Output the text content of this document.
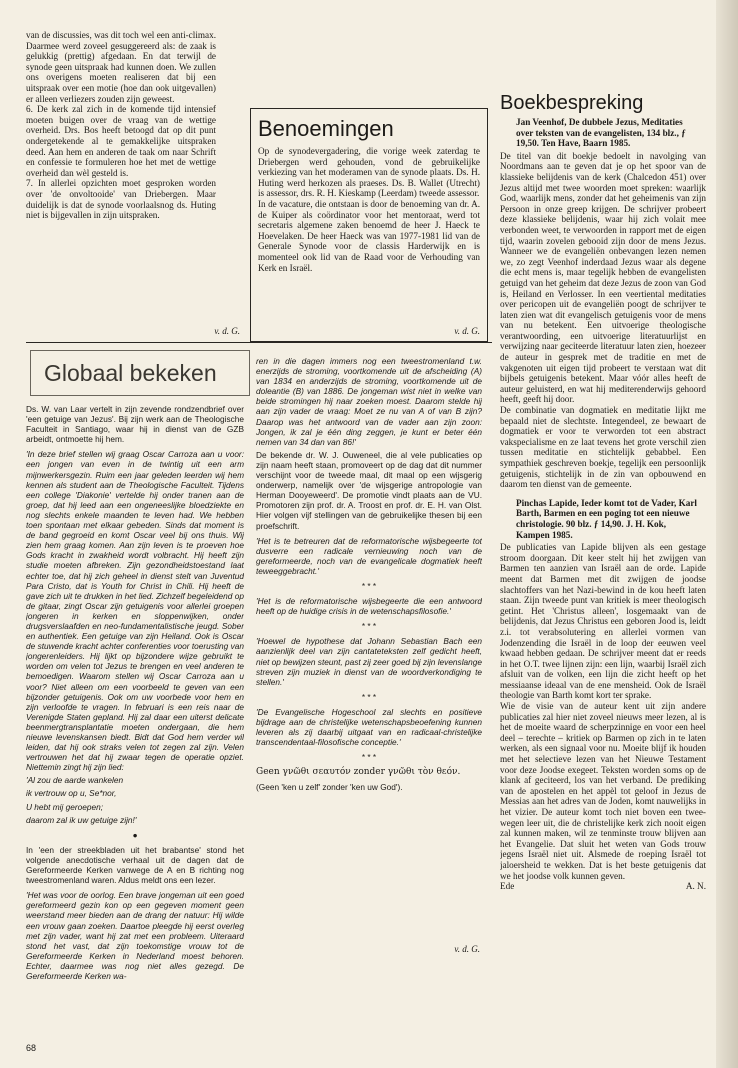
van de discussies, was dit toch wel een anti-climax. Daarmee werd zoveel gesuggereerd als: de zaak is gelukkig (prettig) afgedaan. En dat terwijl de synode geen uitspraak had kunnen doen. We zullen ons overigens moeten realiseren dat bij een uitspraak over een motie (hoe dan ook uitgevallen) er alleen verliezers zouden zijn geweest.

6. De kerk zal zich in de komende tijd intensief moeten buigen over de vraag van de wettige overheid. Drs. Bos heeft betoogd dat op dit punt ondergetekende al te gemakkelijke uitspraken deed. Aan hem en anderen de taak om naar Schrift en confessie te formuleren hoe het met de wettige overheid dan wèl gesteld is.

7. In allerlei opzichten moet gesproken worden over 'de onvoltooide' van Driebergen. Maar duidelijk is dat de synode voorlaalsnog ds. Huting niet is bijgevallen in zijn uitspraken.

v. d. G.
Benoemingen

Op de synodevergadering, die vorige week zaterdag te Driebergen werd gehouden, vond de gebruikelijke verkiezing van het moderamen van de synode plaats. Ds. H. Huting werd herkozen als praeses. Ds. B. Wallet (Utrecht) is assessor, drs. R. H. Kieskamp (Leerdam) tweede assessor.

In de vacature, die ontstaan is door de benoeming van dr. A. de Kuiper als coördinator voor het mentoraat, werd tot secretaris algemene zaken benoemd de heer J. Haeck te Hoevelaken. De heer Haeck was van 1977-1981 lid van de Generale Synode voor de classis Harderwijk en is momenteel ook lid van de Raad voor de Verhouding van Kerk en Israël.

v. d. G.
Globaal bekeken

Ds. W. van Laar vertelt in zijn zevende rondzendbrief over 'een getuige van Jezus'. Bij zijn werk aan de Theologische Faculteit in Santiago, waar hij in dienst van de GZB arbeidt, ontmoette hij hem.

'In deze brief stellen wij graag Oscar Carroza aan u voor: een jongen van even in de twintig uit een arm mijnwerkersgezin. Ruim een jaar geleden leerden wij hem kennen als student aan de Theologische Faculteit. Tijdens een college 'Diakonie' vertelde hij onder tranen aan de groep, dat hij leed aan een ongeneeslijke bloedziekte en nog slechts enkele maanden te leven had. We hebben toen spontaan met elkaar gebeden. Sinds dat moment is de band gegroeid en komt Oscar veel bij ons thuis. Wij zien hem graag komen. Aan zijn leven is te proeven hoe Gods kracht in zwakheid wordt volbracht. Hij heeft zijn studie moeten afbreken. Zijn gezondheidstoestand laat echter toe, dat hij zich geheel in dienst stelt van Juventud Para Cristo, dat is Youth for Christ in Chili. Hij heeft de gave zich uit te drukken in het lied. Zichzelf begeleidend op de gitaar, zingt Oscar zijn getuigenis voor allerlei groepen jongeren in kerken en sloppenwijken, onder drugsverslaafden en neo-fundamentalistische jeugd. Sober en authentiek. Een getuige van zijn Heiland. Ook is Oscar de stuwende kracht achter conferenties voor toerusting van jongerenleiders. Hij lijkt op bijzondere wijze gebruikt te worden om velen tot Jezus te brengen en veel anderen te bemoedigen. Waarom stellen wij Oscar Carroza aan u voor? Niet alleen om een voorbeeld te geven van een bijzonder getuigenis. Ook om uw voorbede voor hem en zijn verloofde te vragen. In februari is een reis naar de Verenigde Staten gepland. Hij zal daar een uiterst delicate beenmergtransplantatie moeten ondergaan, die hem nieuwe levenskansen biedt. Bidt dat God hem verder wil leiden, dat hij ook straks velen tot zegen zal zijn. Velen vertrouwen het dat hij zwaar tegen de operatie opziet. Niettemin zingt hij zijn lied:

'Al zou de aarde wankelen

ik vertrouw op u, Se*nor,

U hebt mij geroepen;

daarom zal ik uw getuige zijn!'

●

In 'een der streekbladen uit het brabantse' stond het volgende anecdotische verhaal uit de dagen dat de Gereformeerde Kerken vanwege de A en B richting nog tweestromenland waren. Aldus meldt ons een lezer.

'Het was voor de oorlog. Een brave jongeman uit een goed gereformeerd gezin kon op een gegeven moment geen weerstand meer bieden aan de drang der natuur: Hij wilde een vrouw gaan zoeken. Daartoe pleegde hij eerst overleg met zijn vader, want hij zat met een probleem. Uiteraard stond het vast, dat zijn toekomstige vrouw tot de Gereformeerde Kerken in Nederland moest behoren. Echter, daarmee was nog niet alles gezegd. De Gereformeerde Kerken wa-

ren in die dagen immers nog een tweestromenland t.w. enerzijds de stroming, voortkomende uit de afscheiding (A) van 1834 en anderzijds de stroming, voortkomende uit de doleantie (B) van 1886. De jongeman wist niet in welke van beide stromingen hij naar zoeken moest. Daarom stelde hij aan zijn vader de vraag: Moet ze nu van A of van B zijn? Daarop was het antwoord van de vader aan zijn zoon: Jongen, ik zal je één ding zeggen, je kunt er beter één nemen van 34 dan van 86!'

De bekende dr. W. J. Ouweneel, die al vele publicaties op zijn naam heeft staan, promoveert op de dag dat dit nummer verschijnt voor de tweede maal, dit maal op een wijsgerig onderwerp, namelijk over 'de wijsgerige antropologie van Herman Dooyeweerd'. De promotie vindt plaats aan de VU. Promotoren zijn prof. dr. A. Troost en prof. dr. E. H. van Olst. Hier volgen vijf stellingen van de gebruikelijke thesen bij een proefschrift.

'Het is te betreuren dat de reformatorische wijsbegeerte tot dusverre een radicale vernieuwing noch van de gereformeerde, noch van de evangelicale dogmatiek heeft teweeggebracht.'

* * *

'Het is de reformatorische wijsbegeerte die een antwoord heeft op de huidige crisis in de wetenschapsfilosofie.'

* * *

'Hoewel de hypothese dat Johann Sebastian Bach een aanzienlijk deel van zijn cantateteksten zelf gedicht heeft, niet op bewijzen steunt, past zij zeer goed bij zijn levenslange streven zijn muziek in dienst van de woordverkondiging te stellen.'

* * *

'De Evangelische Hogeschool zal slechts en positieve bijdrage aan de christelijke wetenschapsbeoefening kunnen leveren als zij daarbij uitgaat van en radicaal-christelijke transcendentaal-filosofische conceptie.'

* * *

Geen γνῶθι σεαυτόν zonder γνῶθι τὸν θεόν.

(Geen 'ken u zelf' zonder 'ken uw God').

v. d. G.
Boekbespreking

Jan Veenhof, De dubbele Jezus, Meditaties over teksten van de evangelisten, 134 blz., ƒ 19,50. Ten Have, Baarn 1985.

De titel van dit boekje bedoelt in navolging van Noordmans aan te geven dat je op het spoor van de klassieke belijdenis van de kerk (Chalcedon 451) over Jezus altijd met twee woorden moet spreken: waarlijk God, waarlijk mens, zonder dat het geheimenis van zijn Persoon in onze greep krijgen. De schrijver probeert deze klassieke belijdenis, waar hij zich volait mee verbonden weet, te verwoorden in rapport met de eigen tijd, waarin zovelen gebooid zijn door de mens Jezus. Wanneer we de evangeliën onbevangen lezen nemen we, zo zegt Veenhof inderdaad Jezus waar als degene die echt mens is, maar tegelijk hebben de evangelisten getuigd van het geheim dat deze Jezus de zoon van God is, Heiland en Verlosser. In een veertiental meditaties over pericopen uit de evangeliën poogt de schrijver te laten zien wat dit evangelisch getuigenis voor de mens van nu betekent. Een uitvoerige theologische verantwoording, een uitvoerige literatuurlijst en verwijzing naar geciteerde literatuur laten zien, hoezeer de auteur in gesprek met de traditie en met de vakgenoten uit eigen tijd probeert te verstaan wat dit bijbels getuigenis betekent. Maar vóór alles heeft de auteur geluisterd, en wat hij mediterenderwijs gehoord heeft, geeft hij door.

De combinatie van dogmatiek en meditatie lijkt me bepaald niet de slechtste. Integendeel, ze bewaart de dogmatiek er voor te verworden tot een abstract vakspecialisme en ze laat tevens het grote verschil zien tussen meditatie en stichtelijk gebabbel. Een sympathiek geschreven boekje, tegelijk een persoonlijk getuigenis, stichtelijk in de zin van opbouwend en daarom ten dienst van de gemeente.

Pinchas Lapide, Ieder komt tot de Vader, Karl Barth, Barmen en een poging tot een nieuwe christologie. 90 blz. ƒ 14,90. J. H. Kok, Kampen 1985.

De publicaties van Lapide blijven als een gestage stroom doorgaan. Dit keer stelt hij het zwijgen van Barmen ten aanzien van Israël aan de orde. Lapide meent dat Barmen met dit zwijgen de joodse slachtoffers van het Nazi-bewind in de kou heeft laten staan. Zijn tweede punt van kritiek is meer theologisch getint. Het 'Christus alleen', losgemaakt van de belijdenis, dat Jezus Christus een geboren Jood is, leidt z.i. tot verabsolutering en allerlei vormen van Jodenzending die Israël in de loop der eeuwen veel kwaad hebben gedaan. De schrijver meent dat er reeds in het O.T. twee lijnen zijn: een lijn, waarbij Israël zich afsluit van de volken, een lijn die zicht heeft op het messiaanse ideaal van de ene mensheid. Ook de Israël theologie van Barth komt kort ter sprake.

Wie de visie van de auteur kent uit zijn andere publicaties zal hier niet zoveel nieuws meer lezen, al is het de moeite waard de scherpzinnige en voor een heel deel – terechte – kritiek op Barmen op zich in te laten werken, als een signaal voor nu. Moeite blijf ik houden met het selectieve lezen van het Nieuwe Testament voor deze Joodse exegeet. Teksten worden soms op de klank af geciteerd, los van het verband. De prediking van de apostelen en het appèl tot geloof in Jezus de Messias aan het adres van de Joden, komt nauwelijks in het vizier. De auteur komt toch niet boven een twee-wegen leer uit, die de christelijke kerk zich nooit eigen zal kunnen maken, wil ze tenminste trouw blijven aan het Evangelie. Dat sluit het weten van Gods trouw jegens Israël niet uit. Alsmede de roeping Israël tot jaloersheid te wekken. Dat is het beste getuigenis dat we het joodse volk kunnen geven.

Ede	A. N.
68
